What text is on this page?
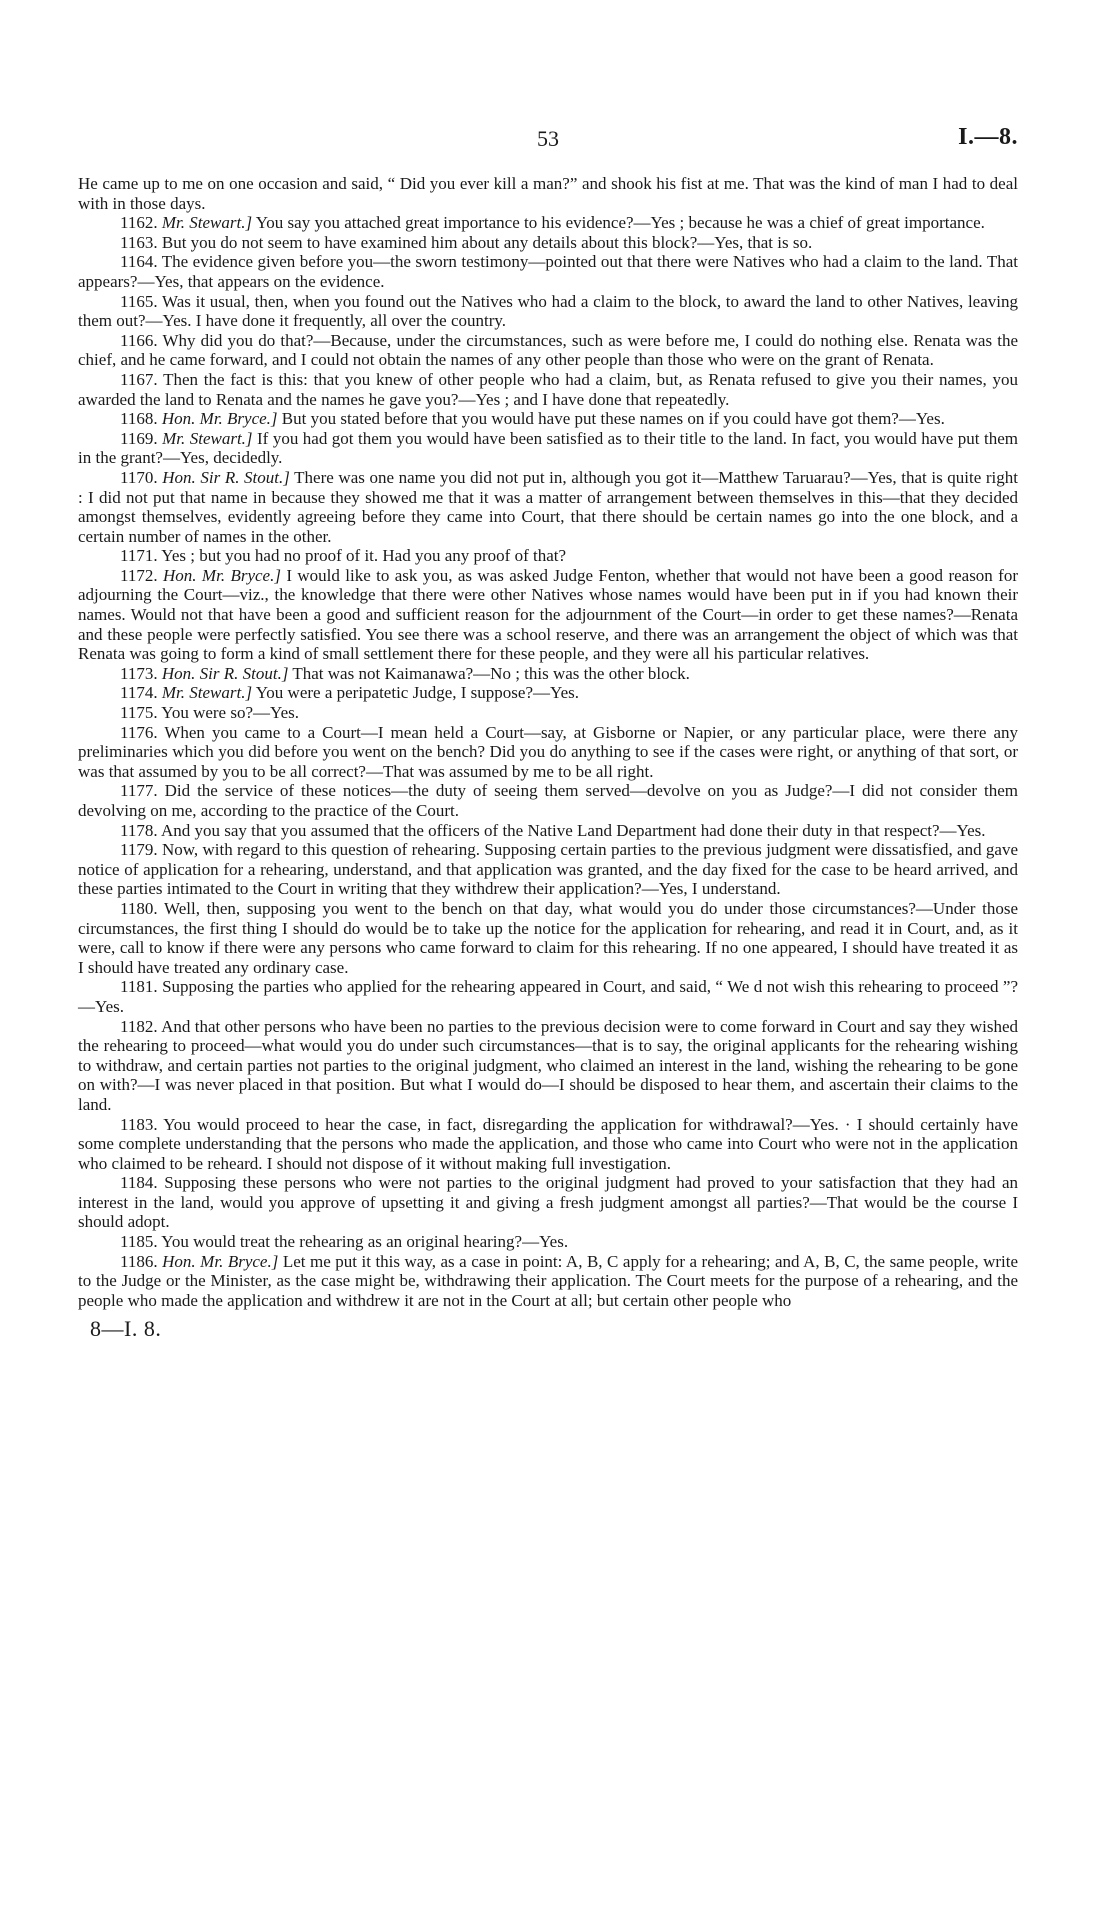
53	I.—8.

He came up to me on one occasion and said, “ Did you ever kill a man?” and shook his fist at me. That was the kind of man I had to deal with in those days.

1162. Mr. Stewart.] You say you attached great importance to his evidence?—Yes ; because he was a chief of great importance.

1163. But you do not seem to have examined him about any details about this block?—Yes, that is so.

1164. The evidence given before you—the sworn testimony—pointed out that there were Natives who had a claim to the land. That appears?—Yes, that appears on the evidence.

1165. Was it usual, then, when you found out the Natives who had a claim to the block, to award the land to other Natives, leaving them out?—Yes. I have done it frequently, all over the country.

1166. Why did you do that?—Because, under the circumstances, such as were before me, I could do nothing else. Renata was the chief, and he came forward, and I could not obtain the names of any other people than those who were on the grant of Renata.

1167. Then the fact is this: that you knew of other people who had a claim, but, as Renata refused to give you their names, you awarded the land to Renata and the names he gave you?—Yes ; and I have done that repeatedly.

1168. Hon. Mr. Bryce.] But you stated before that you would have put these names on if you could have got them?—Yes.

1169. Mr. Stewart.] If you had got them you would have been satisfied as to their title to the land. In fact, you would have put them in the grant?—Yes, decidedly.

1170. Hon. Sir R. Stout.] There was one name you did not put in, although you got it—Matthew Taruarau?—Yes, that is quite right : I did not put that name in because they showed me that it was a matter of arrangement between themselves in this—that they decided amongst themselves, evidently agreeing before they came into Court, that there should be certain names go into the one block, and a certain number of names in the other.

1171. Yes ; but you had no proof of it. Had you any proof of that?

1172. Hon. Mr. Bryce.] I would like to ask you, as was asked Judge Fenton, whether that would not have been a good reason for adjourning the Court—viz., the knowledge that there were other Natives whose names would have been put in if you had known their names. Would not that have been a good and sufficient reason for the adjournment of the Court—in order to get these names?—Renata and these people were perfectly satisfied. You see there was a school reserve, and there was an arrangement the object of which was that Renata was going to form a kind of small settlement there for these people, and they were all his particular relatives.

1173. Hon. Sir R. Stout.] That was not Kaimanawa?—No ; this was the other block.

1174. Mr. Stewart.] You were a peripatetic Judge, I suppose?—Yes.

1175. You were so?—Yes.

1176. When you came to a Court—I mean held a Court—say, at Gisborne or Napier, or any particular place, were there any preliminaries which you did before you went on the bench? Did you do anything to see if the cases were right, or anything of that sort, or was that assumed by you to be all correct?—That was assumed by me to be all right.

1177. Did the service of these notices—the duty of seeing them served—devolve on you as Judge?—I did not consider them devolving on me, according to the practice of the Court.

1178. And you say that you assumed that the officers of the Native Land Department had done their duty in that respect?—Yes.

1179. Now, with regard to this question of rehearing. Supposing certain parties to the previous judgment were dissatisfied, and gave notice of application for a rehearing, understand, and that application was granted, and the day fixed for the case to be heard arrived, and these parties intimated to the Court in writing that they withdrew their application?—Yes, I understand.

1180. Well, then, supposing you went to the bench on that day, what would you do under those circumstances?—Under those circumstances, the first thing I should do would be to take up the notice for the application for rehearing, and read it in Court, and, as it were, call to know if there were any persons who came forward to claim for this rehearing. If no one appeared, I should have treated it as I should have treated any ordinary case.

1181. Supposing the parties who applied for the rehearing appeared in Court, and said, “ We d not wish this rehearing to proceed ”?—Yes.

1182. And that other persons who have been no parties to the previous decision were to come forward in Court and say they wished the rehearing to proceed—what would you do under such circumstances—that is to say, the original applicants for the rehearing wishing to withdraw, and certain parties not parties to the original judgment, who claimed an interest in the land, wishing the rehearing to be gone on with?—I was never placed in that position. But what I would do—I should be disposed to hear them, and ascertain their claims to the land.

1183. You would proceed to hear the case, in fact, disregarding the application for withdrawal?—Yes. · I should certainly have some complete understanding that the persons who made the application, and those who came into Court who were not in the application who claimed to be reheard. I should not dispose of it without making full investigation.

1184. Supposing these persons who were not parties to the original judgment had proved to your satisfaction that they had an interest in the land, would you approve of upsetting it and giving a fresh judgment amongst all parties?—That would be the course I should adopt.

1185. You would treat the rehearing as an original hearing?—Yes.

1186. Hon. Mr. Bryce.] Let me put it this way, as a case in point: A, B, C apply for a rehearing; and A, B, C, the same people, write to the Judge or the Minister, as the case might be, withdrawing their application. The Court meets for the purpose of a rehearing, and the people who made the application and withdrew it are not in the Court at all; but certain other people who

8—I. 8.
